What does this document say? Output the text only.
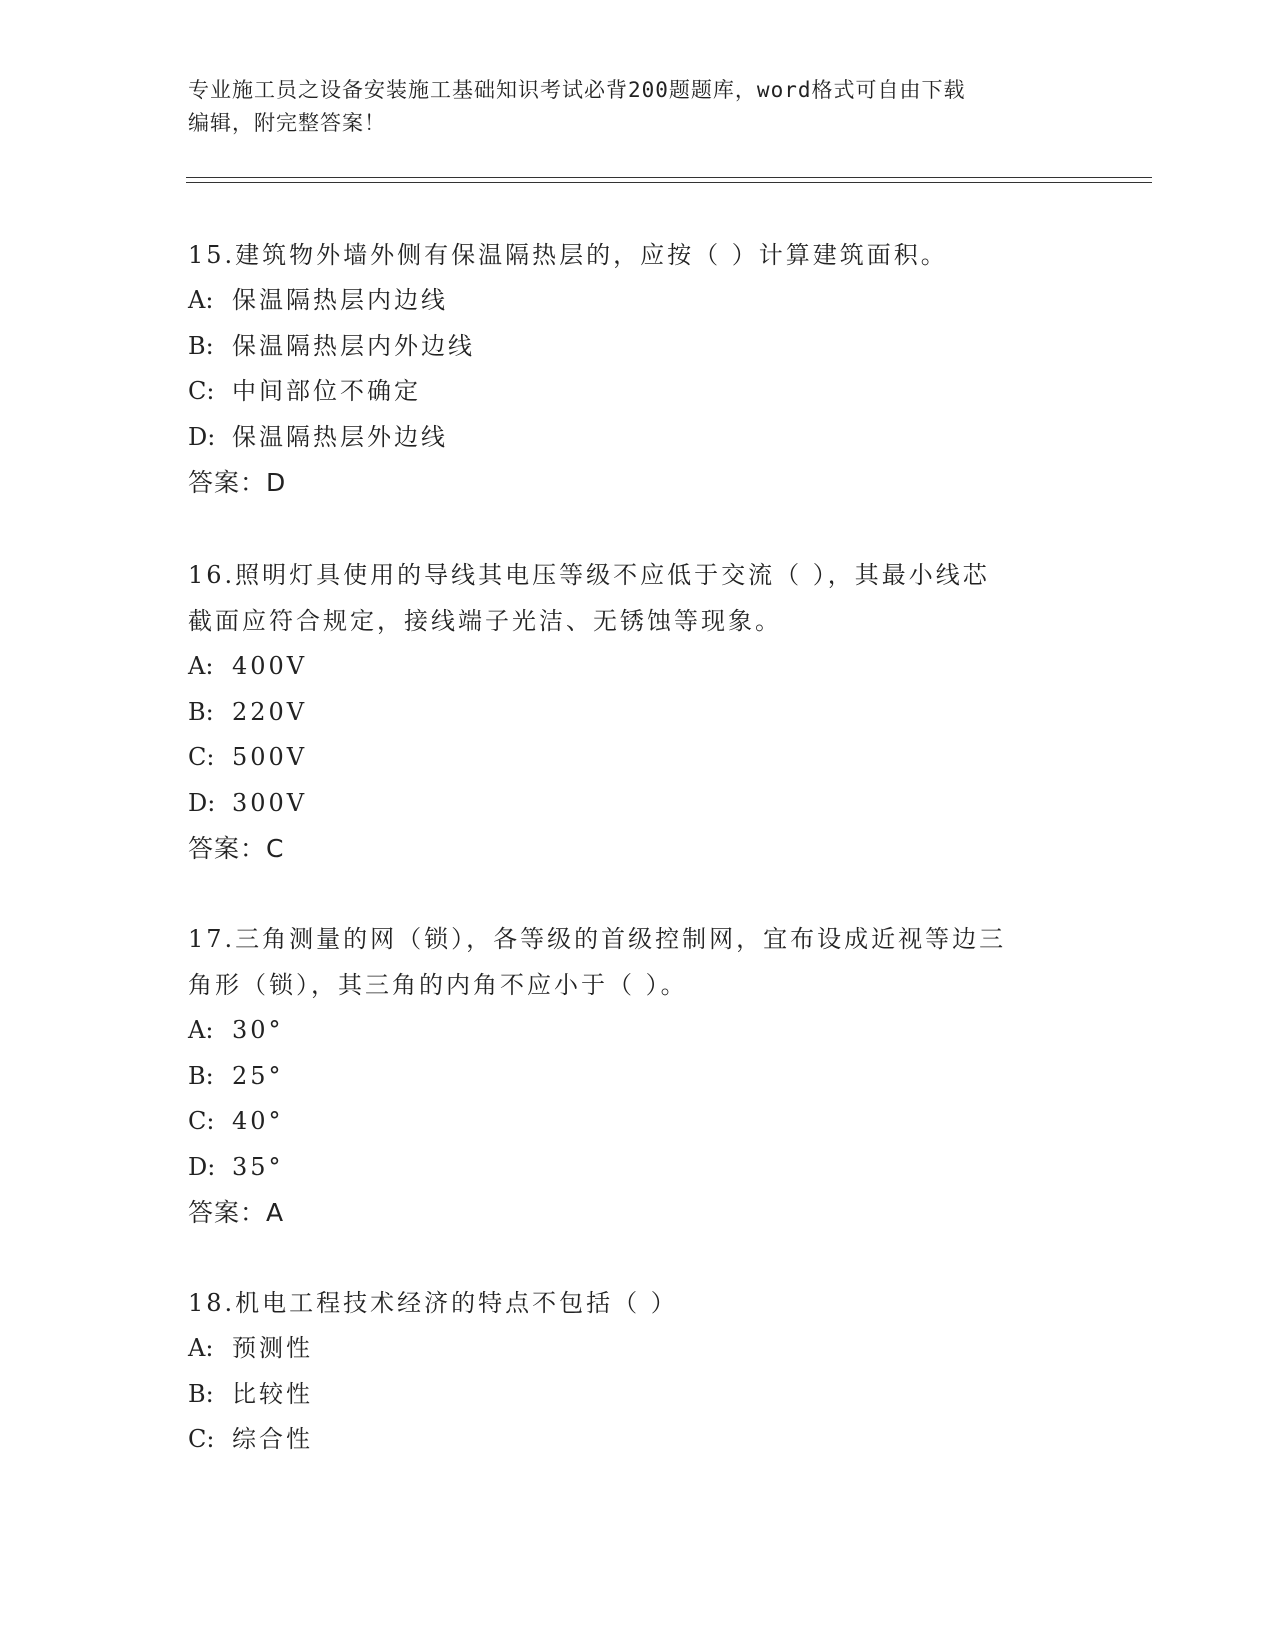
专业施工员之设备安装施工基础知识考试必背200题题库，word格式可自由下载
编辑，附完整答案！

15.建筑物外墙外侧有保温隔热层的，应按（ ）计算建筑面积。

A: 保温隔热层内边线

B: 保温隔热层内外边线

C: 中间部位不确定

D: 保温隔热层外边线

答案：D

16.照明灯具使用的导线其电压等级不应低于交流（ ），其最小线芯

截面应符合规定，接线端子光洁、无锈蚀等现象。

A: 400V

B: 220V

C: 500V

D: 300V

答案：C

17.三角测量的网（锁），各等级的首级控制网，宜布设成近视等边三

角形（锁），其三角的内角不应小于（ ）。

A: 30°

B: 25°

C: 40°

D: 35°

答案：A

18.机电工程技术经济的特点不包括（ ）

A: 预测性

B: 比较性

C: 综合性
